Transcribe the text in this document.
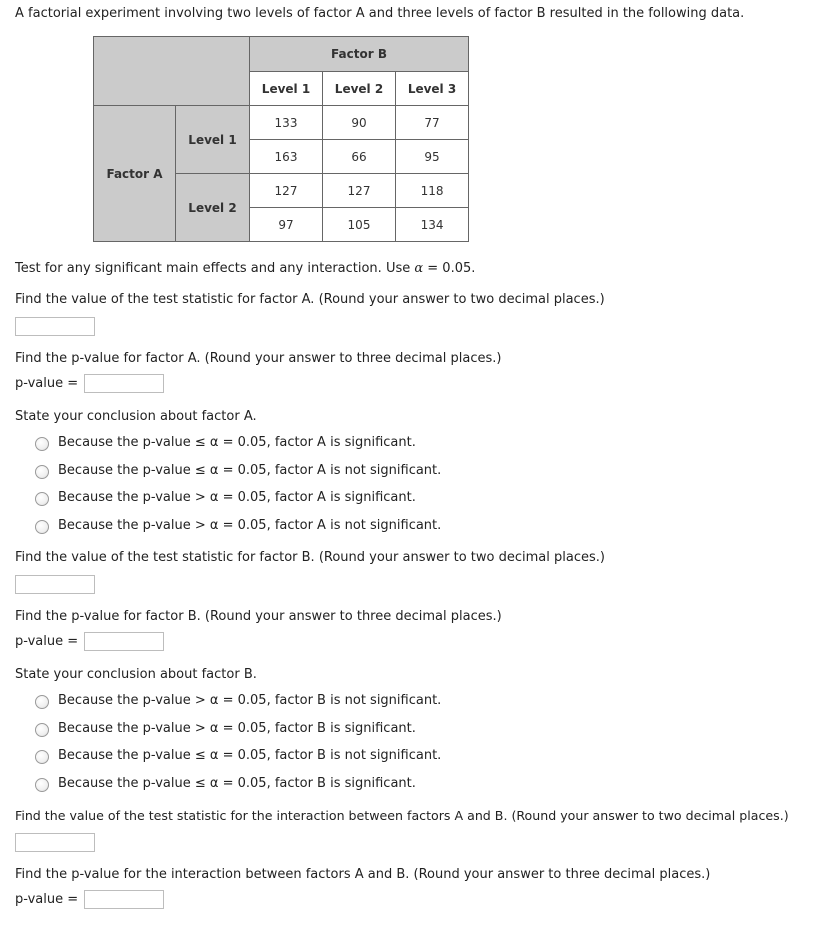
A factorial experiment involving two levels of factor A and three levels of factor B resulted in the following data.
		Factor B		
		Level 1	Level 2	Level 3
Factor A	Level 1	133	90	77
		163	66	95
	Level 2	127	127	118
		97	105	134
Test for any significant main effects and any interaction. Use α = 0.05.
Find the value of the test statistic for factor A. (Round your answer to two decimal places.)
Find the p-value for factor A. (Round your answer to three decimal places.)
p-value =
State your conclusion about factor A.
Because the p-value ≤ α = 0.05, factor A is significant.
Because the p-value ≤ α = 0.05, factor A is not significant.
Because the p-value > α = 0.05, factor A is significant.
Because the p-value > α = 0.05, factor A is not significant.
Find the value of the test statistic for factor B. (Round your answer to two decimal places.)
Find the p-value for factor B. (Round your answer to three decimal places.)
p-value =
State your conclusion about factor B.
Because the p-value > α = 0.05, factor B is not significant.
Because the p-value > α = 0.05, factor B is significant.
Because the p-value ≤ α = 0.05, factor B is not significant.
Because the p-value ≤ α = 0.05, factor B is significant.
Find the value of the test statistic for the interaction between factors A and B. (Round your answer to two decimal places.)
Find the p-value for the interaction between factors A and B. (Round your answer to three decimal places.)
p-value =
